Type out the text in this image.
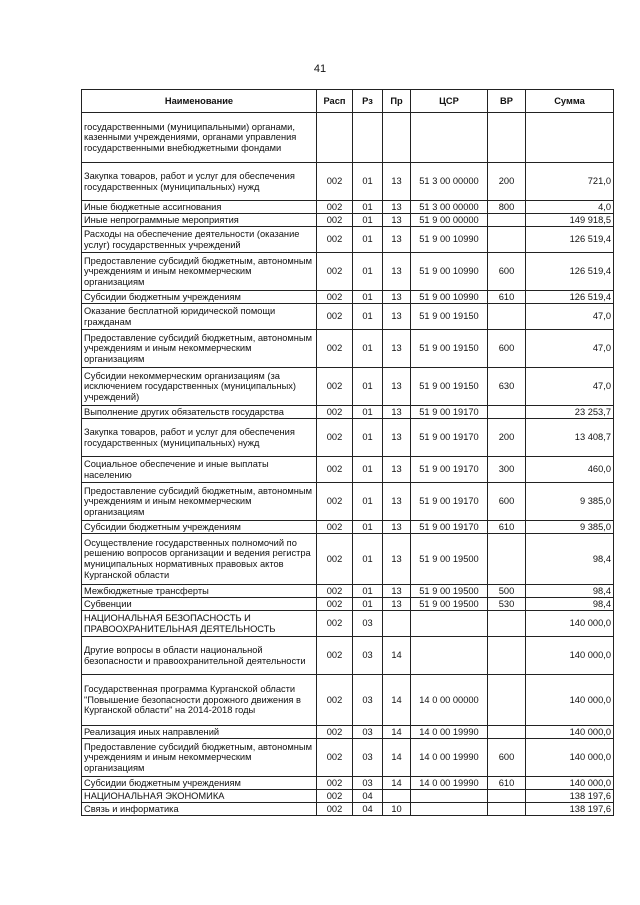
41
Наименование	Расп	Рз	Пр	ЦСР	ВР	Сумма
государственными (муниципальными) органами, казенными учреждениями, органами управления государственными внебюджетными фондами						
Закупка товаров, работ и услуг для обеспечения государственных (муниципальных) нужд	002	01	13	51 3 00 00000	200	721,0
Иные бюджетные ассигнования	002	01	13	51 3 00 00000	800	4,0
Иные непрограммные мероприятия	002	01	13	51 9 00 00000		149 918,5
Расходы на обеспечение деятельности (оказание услуг) государственных учреждений	002	01	13	51 9 00 10990		126 519,4
Предоставление субсидий бюджетным, автономным учреждениям и иным некоммерческим организациям	002	01	13	51 9 00 10990	600	126 519,4
Субсидии бюджетным учреждениям	002	01	13	51 9 00 10990	610	126 519,4
Оказание бесплатной юридической помощи гражданам	002	01	13	51 9 00 19150		47,0
Предоставление субсидий бюджетным, автономным учреждениям и иным некоммерческим организациям	002	01	13	51 9 00 19150	600	47,0
Субсидии некоммерческим организациям (за исключением государственных (муниципальных) учреждений)	002	01	13	51 9 00 19150	630	47,0
Выполнение других обязательств государства	002	01	13	51 9 00 19170		23 253,7
Закупка товаров, работ и услуг для обеспечения государственных (муниципальных) нужд	002	01	13	51 9 00 19170	200	13 408,7
Социальное обеспечение и иные выплаты населению	002	01	13	51 9 00 19170	300	460,0
Предоставление субсидий бюджетным, автономным учреждениям и иным некоммерческим организациям	002	01	13	51 9 00 19170	600	9 385,0
Субсидии бюджетным учреждениям	002	01	13	51 9 00 19170	610	9 385,0
Осуществление государственных полномочий по решению вопросов организации и ведения регистра муниципальных нормативных правовых актов Курганской области	002	01	13	51 9 00 19500		98,4
Межбюджетные трансферты	002	01	13	51 9 00 19500	500	98,4
Субвенции	002	01	13	51 9 00 19500	530	98,4
НАЦИОНАЛЬНАЯ БЕЗОПАСНОСТЬ И ПРАВООХРАНИТЕЛЬНАЯ ДЕЯТЕЛЬНОСТЬ	002	03				140 000,0
Другие вопросы в области национальной безопасности и правоохранительной деятельности	002	03	14			140 000,0
Государственная программа Курганской области "Повышение безопасности дорожного движения в Курганской области" на 2014-2018 годы	002	03	14	14 0 00 00000		140 000,0
Реализация иных направлений	002	03	14	14 0 00 19990		140 000,0
Предоставление субсидий бюджетным, автономным учреждениям и иным некоммерческим организациям	002	03	14	14 0 00 19990	600	140 000,0
Субсидии бюджетным учреждениям	002	03	14	14 0 00 19990	610	140 000,0
НАЦИОНАЛЬНАЯ ЭКОНОМИКА	002	04				138 197,6
Связь и информатика	002	04	10			138 197,6
